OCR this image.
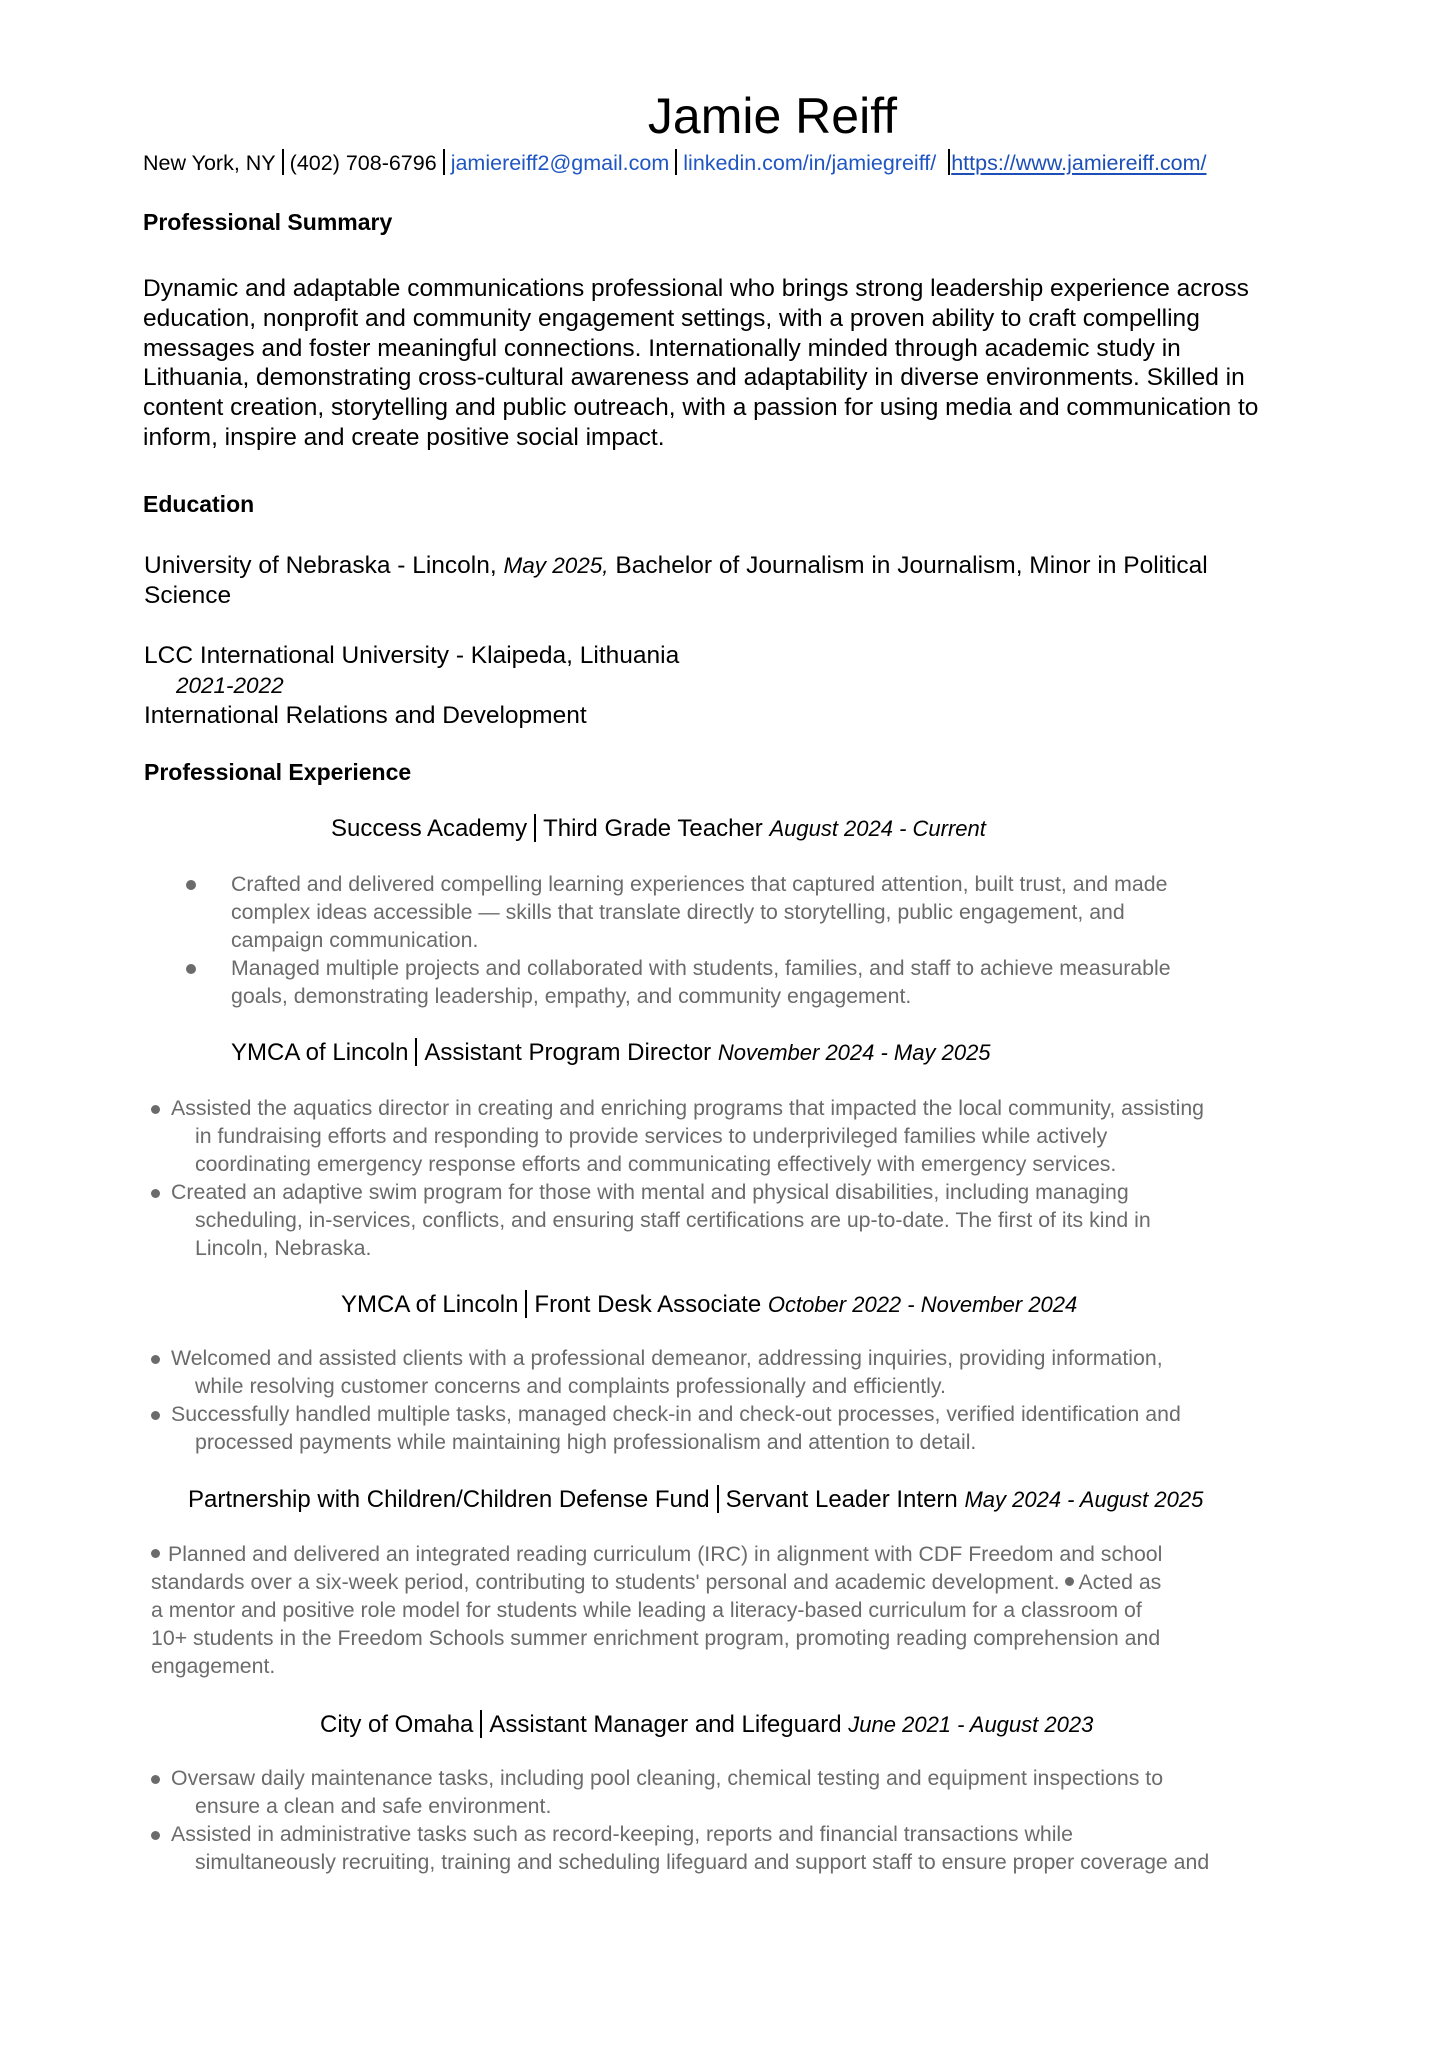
Jamie Reiff
New York, NY (402) 708-6796 jamiereiff2@gmail.com linkedin.com/in/jamiegreiff/ https://www.jamiereiff.com/
Professional Summary
Dynamic and adaptable communications professional who brings strong leadership experience across
education, nonprofit and community engagement settings, with a proven ability to craft compelling
messages and foster meaningful connections. Internationally minded through academic study in
Lithuania, demonstrating cross-cultural awareness and adaptability in diverse environments. Skilled in
content creation, storytelling and public outreach, with a passion for using media and communication to
inform, inspire and create positive social impact.
Education
University of Nebraska - Lincoln, May 2025, Bachelor of Journalism in Journalism, Minor in Political
Science
LCC International University - Klaipeda, Lithuania
2021-2022
International Relations and Development
Professional Experience
Success Academy Third Grade Teacher August 2024 - Current
Crafted and delivered compelling learning experiences that captured attention, built trust, and made
complex ideas accessible — skills that translate directly to storytelling, public engagement, and
campaign communication.
Managed multiple projects and collaborated with students, families, and staff to achieve measurable
goals, demonstrating leadership, empathy, and community engagement.
YMCA of Lincoln Assistant Program Director November 2024 - May 2025
Assisted the aquatics director in creating and enriching programs that impacted the local community, assisting
in fundraising efforts and responding to provide services to underprivileged families while actively
coordinating emergency response efforts and communicating effectively with emergency services.
Created an adaptive swim program for those with mental and physical disabilities, including managing
scheduling, in-services, conflicts, and ensuring staff certifications are up-to-date. The first of its kind in
Lincoln, Nebraska.
YMCA of Lincoln Front Desk Associate October 2022 - November 2024
Welcomed and assisted clients with a professional demeanor, addressing inquiries, providing information,
while resolving customer concerns and complaints professionally and efficiently.
Successfully handled multiple tasks, managed check-in and check-out processes, verified identification and
processed payments while maintaining high professionalism and attention to detail.
Partnership with Children/Children Defense Fund Servant Leader Intern May 2024 - August 2025
Planned and delivered an integrated reading curriculum (IRC) in alignment with CDF Freedom and school
standards over a six-week period, contributing to students' personal and academic development. Acted as
a mentor and positive role model for students while leading a literacy-based curriculum for a classroom of
10+ students in the Freedom Schools summer enrichment program, promoting reading comprehension and
engagement.
City of Omaha Assistant Manager and Lifeguard June 2021 - August 2023
Oversaw daily maintenance tasks, including pool cleaning, chemical testing and equipment inspections to
ensure a clean and safe environment.
Assisted in administrative tasks such as record-keeping, reports and financial transactions while
simultaneously recruiting, training and scheduling lifeguard and support staff to ensure proper coverage and
